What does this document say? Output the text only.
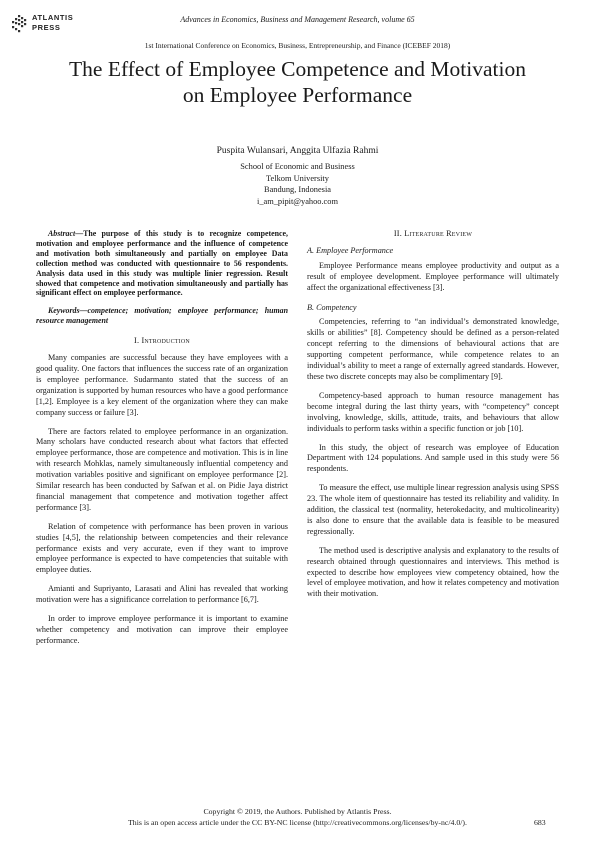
ATLANTIS
PRESS
Advances in Economics, Business and Management Research, volume 65
1st International Conference on Economics, Business, Entrepreneurship, and Finance (ICEBEF 2018)
The Effect of Employee Competence and Motivation
on Employee Performance
Puspita Wulansari, Anggita Ulfazia Rahmi
School of Economic and Business
Telkom University
Bandung, Indonesia
i_am_pipit@yahoo.com

Abstract—The purpose of this study is to recognize competence, motivation and employee performance and the influence of competence and motivation both simultaneously and partially on employee Data collection method was conducted with questionnaire to 56 respondents. Analysis data used in this study was multiple linier regression. Result showed that competence and motivation simultaneously and partially has significant effect on employee performance.

Keywords—competence; motivation; employee performance; human resource management

I. Introduction

Many companies are successful because they have employees with a good quality. One factors that influences the success rate of an organization is employee performance. Sudarmanto stated that the success of an organization is supported by human resources who have a good performance [1,2]. Employee is a key element of the organization where they can make company success or failure [3].

There are factors related to employee performance in an organization. Many scholars have conducted research about what factors that effected employee performance, those are competence and motivation. This is in line with research Mohklas, namely simultaneously influential competency and motivation variables positive and significant on employee performance [2]. Similar research has been conducted by Safwan et al. on Pidie Jaya district financial management that competence and motivation together affect performance [3].

Relation of competence with performance has been proven in various studies [4,5], the relationship between competencies and their relevance performance exists and very accurate, even if they want to improve employee performance is expected to have competencies that suitable with employee duties.

Amianti and Supriyanto, Larasati and Alini has revealed that working motivation were has a significance correlation to performance [6,7].

In order to improve employee performance it is important to examine whether competency and motivation can improve their employee performance.

II. Literature Review
A. Employee Performance

Employee Performance means employee productivity and output as a result of employee development. Employee performance will ultimately affect the organizational effectiveness [3].

B. Competency

Competencies, referring to “an individual’s demonstrated knowledge, skills or abilities” [8]. Competency should be defined as a person-related concept referring to the dimensions of behavioural actions that are supporting competent performance, while competence relates to an individual’s ability to meet a range of externally agreed standards. However, these two discrete concepts may also be complimentary [9].

Competency-based approach to human resource management has become integral during the last thirty years, with “competency” concept involving, knowledge, skills, attitude, traits, and behaviours that allow individuals to perform tasks within a specific function or job [10].

In this study, the object of research was employee of Education Department with 124 populations. And sample used in this study were 56 respondents.

To measure the effect, use multiple linear regression analysis using SPSS 23. The whole item of questionnaire has tested its reliability and validity. In addition, the classical test (normality, heterokedacity, and multicolinearity) is also done to ensure that the available data is feasible to be measured regressionally.

The method used is descriptive analysis and explanatory to the results of research obtained through questionnaires and interviews. This method is expected to describe how employees view competency obtained, how the level of employee motivation, and how it relates competency and motivation with their motivation.

Copyright © 2019, the Authors. Published by Atlantis Press.
This is an open access article under the CC BY-NC license (http://creativecommons.org/licenses/by-nc/4.0/).	683
